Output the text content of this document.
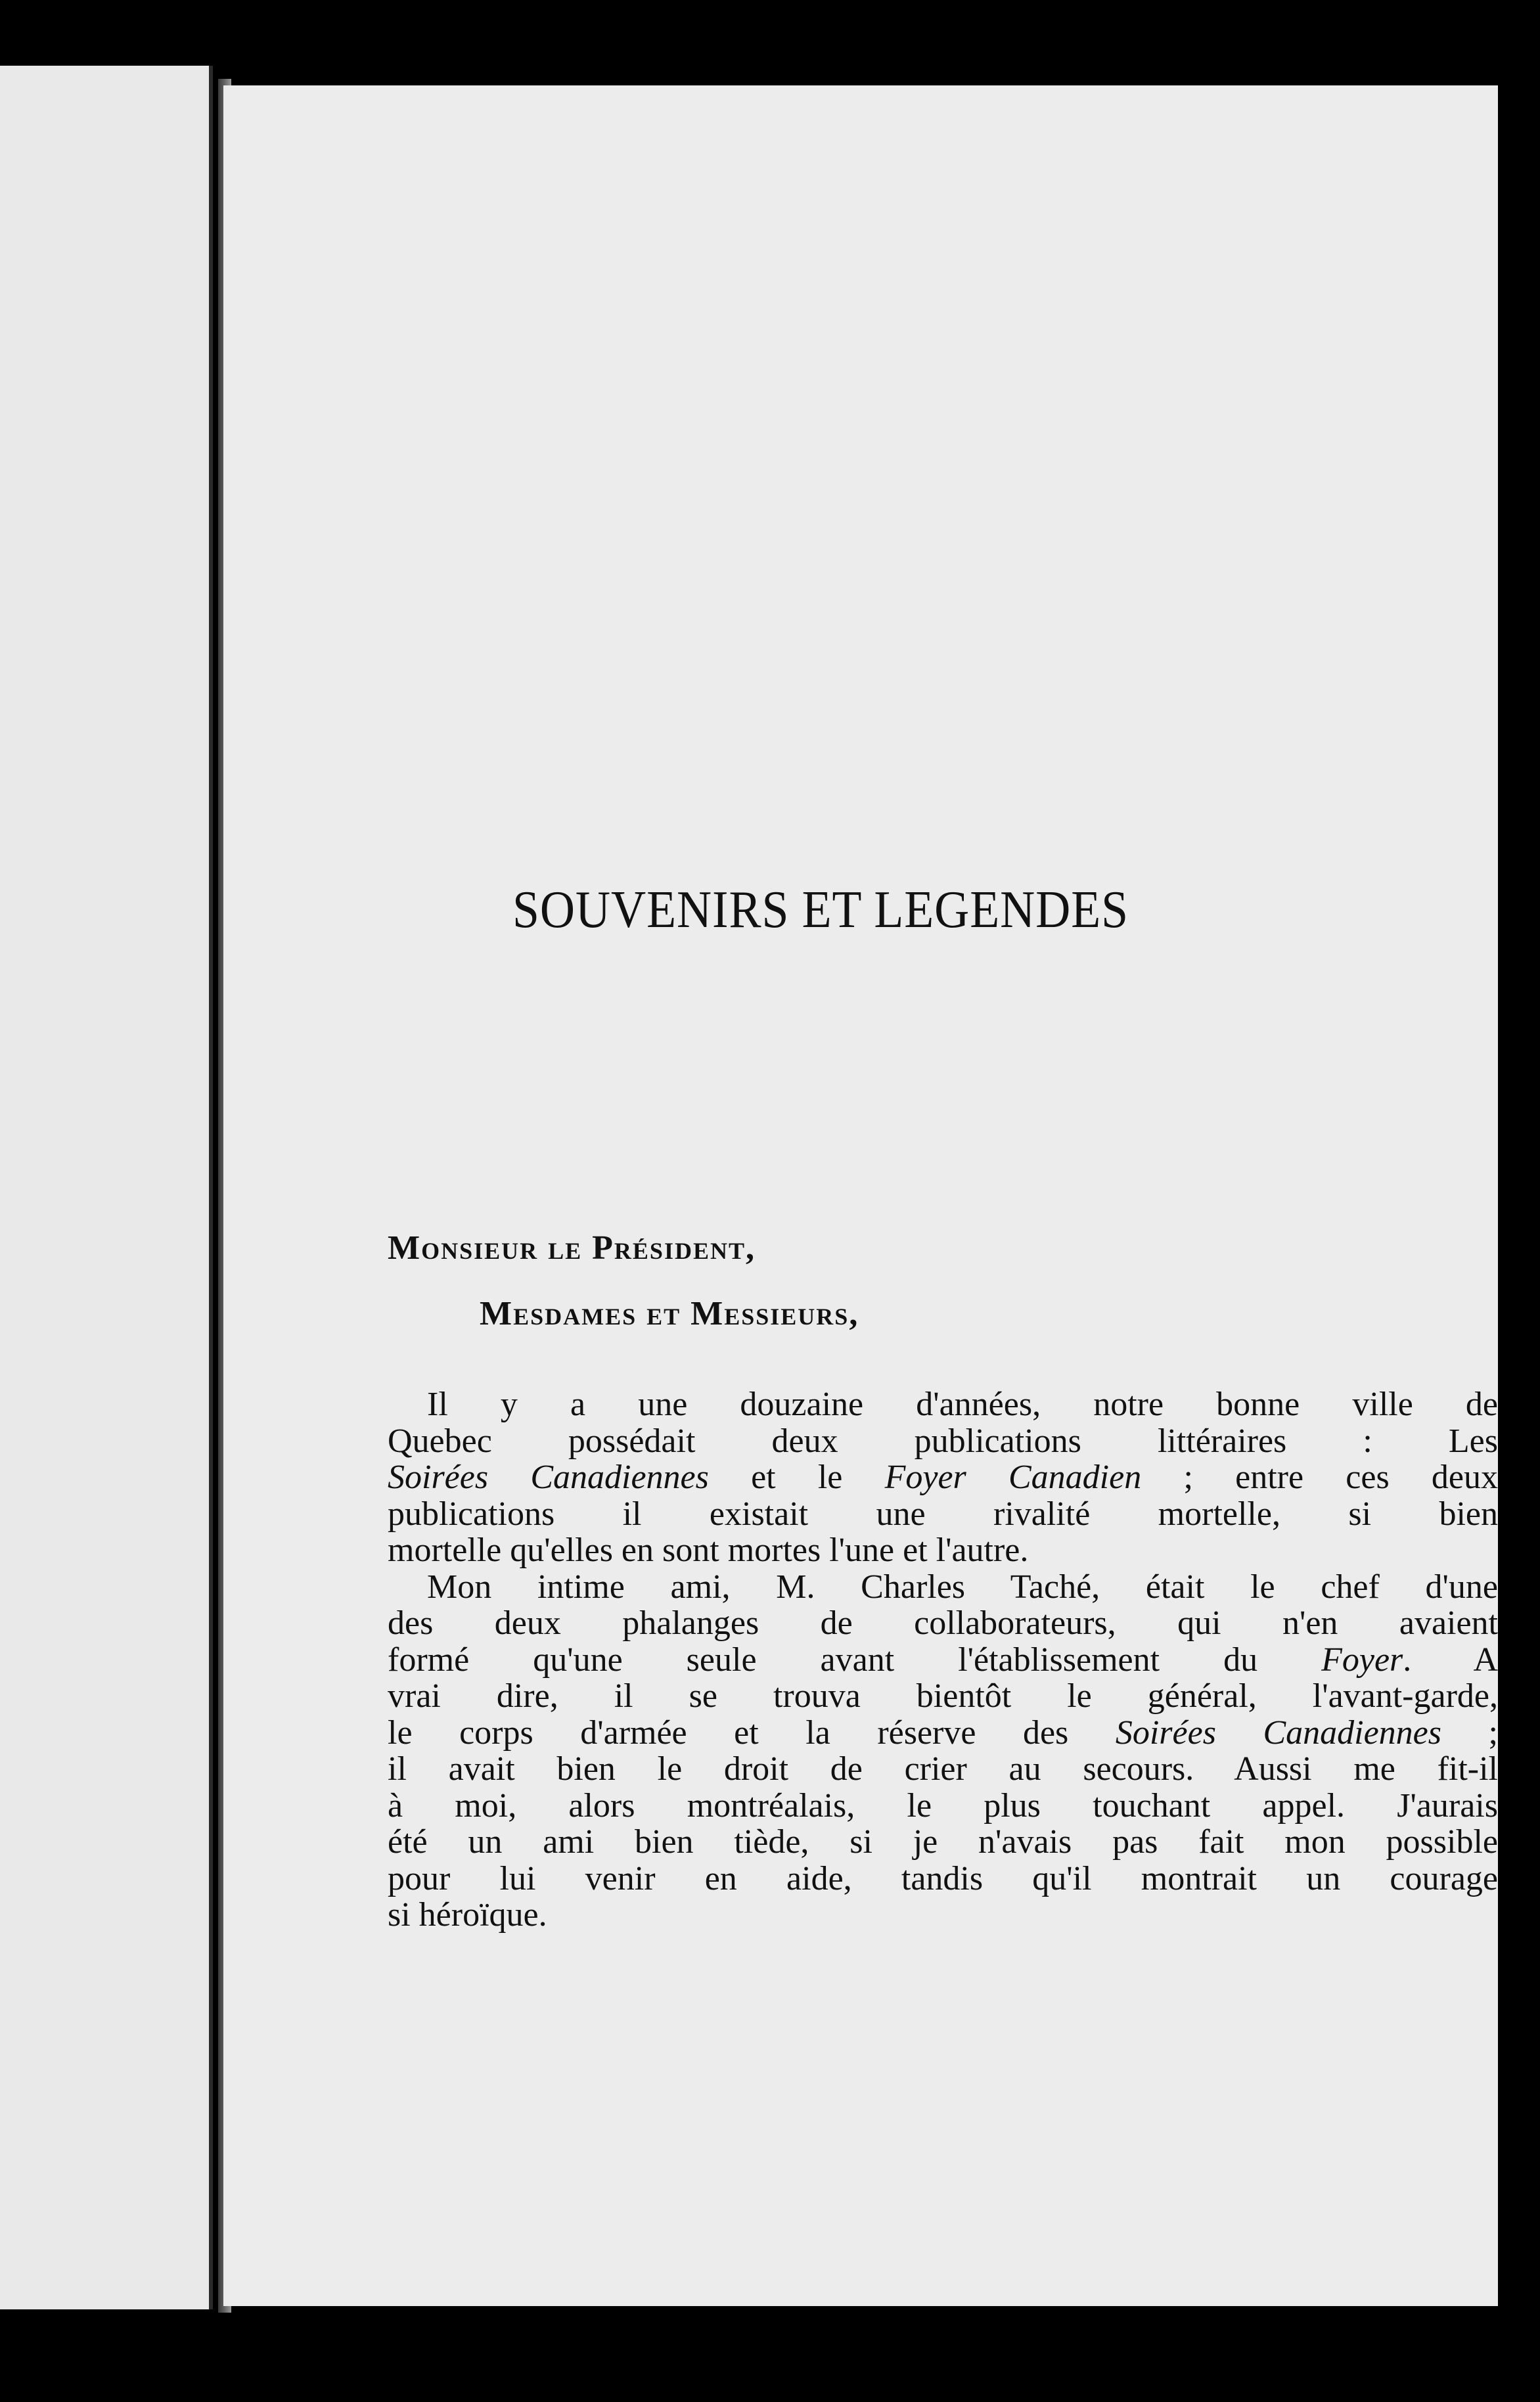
SOUVENIRS ET LEGENDES
Monsieur le Président,
Mesdames et Messieurs,

Il y a une douzaine d'années, notre bonne ville de
Quebec possédait deux publications littéraires : Les
Soirées Canadiennes et le Foyer Canadien ; entre ces deux
publications il existait une rivalité mortelle, si bien
mortelle qu'elles en sont mortes l'une et l'autre.

Mon intime ami, M. Charles Taché, était le chef d'une
des deux phalanges de collaborateurs, qui n'en avaient
formé qu'une seule avant l'établissement du Foyer. A
vrai dire, il se trouva bientôt le général, l'avant-garde,
le corps d'armée et la réserve des Soirées Canadiennes ;
il avait bien le droit de crier au secours. Aussi me fit-il
à moi, alors montréalais, le plus touchant appel. J'aurais
été un ami bien tiède, si je n'avais pas fait mon possible
pour lui venir en aide, tandis qu'il montrait un courage
si héroïque.
